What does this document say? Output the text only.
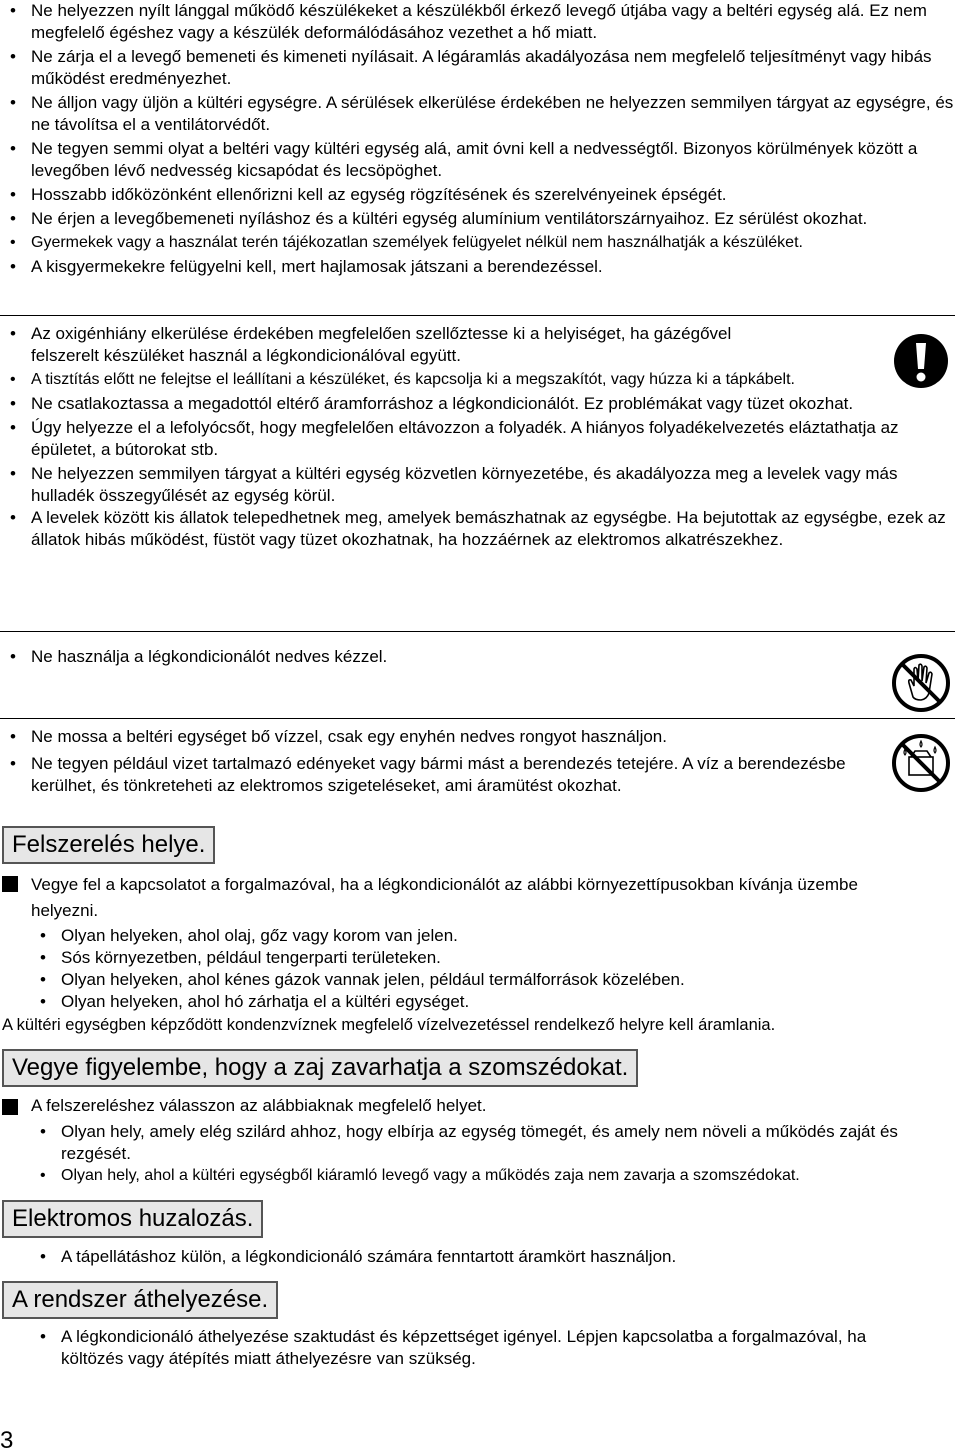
• Ne helyezzen nyílt lánggal működő készülékeket a készülékből érkező levegő útjába vagy a beltéri egység alá. Ez nem megfelelő égéshez vagy a készülék deformálódásához vezethet a hő miatt.
• Ne zárja el a levegő bemeneti és kimeneti nyílásait. A légáramlás akadályozása nem megfelelő teljesítményt vagy hibás működést eredményezhet.
• Ne álljon vagy üljön a kültéri egységre. A sérülések elkerülése érdekében ne helyezzen semmilyen tárgyat az egységre, és ne távolítsa el a ventilátorvédőt.
• Ne tegyen semmi olyat a beltéri vagy kültéri egység alá, amit óvni kell a nedvességtől. Bizonyos körülmények között a levegőben lévő nedvesség kicsapódat és lecsöpöghet.
• Hosszabb időközönként ellenőrizni kell az egység rögzítésének és szerelvényeinek épségét.
• Ne érjen a levegőbemeneti nyíláshoz és a kültéri egység alumínium ventilátorszárnyaihoz. Ez sérülést okozhat.
• Gyermekek vagy a használat terén tájékozatlan személyek felügyelet nélkül nem használhatják a készüléket.
• A kisgyermekekre felügyelni kell, mert hajlamosak játszani a berendezéssel.
• Az oxigénhiány elkerülése érdekében megfelelően szellőztesse ki a helyiséget, ha gázégővel felszerelt készüléket használ a légkondicionálóval együtt.
• A tisztítás előtt ne felejtse el leállítani a készüléket, és kapcsolja ki a megszakítót, vagy húzza ki a tápkábelt.
• Ne csatlakoztassa a megadottól eltérő áramforráshoz a légkondicionálót. Ez problémákat vagy tüzet okozhat.
• Úgy helyezze el a lefolyócsőt, hogy megfelelően eltávozzon a folyadék. A hiányos folyadékelvezetés eláztathatja az épületet, a bútorokat stb.
• Ne helyezzen semmilyen tárgyat a kültéri egység közvetlen környezetébe, és akadályozza meg a levelek vagy más hulladék összegyűlését az egység körül.
• A levelek között kis állatok telepedhetnek meg, amelyek bemászhatnak az egységbe. Ha bejutottak az egységbe, ezek az állatok hibás működést, füstöt vagy tüzet okozhatnak, ha hozzáérnek az elektromos alkatrészekhez.
• Ne használja a légkondicionálót nedves kézzel.
• Ne mossa a beltéri egységet bő vízzel, csak egy enyhén nedves rongyot használjon.
• Ne tegyen például vizet tartalmazó edényeket vagy bármi mást a berendezés tetejére. A víz a berendezésbe kerülhet, és tönkreteheti az elektromos szigeteléseket, ami áramütést okozhat.
Felszerelés helye.
Vegye fel a kapcsolatot a forgalmazóval, ha a légkondicionálót az alábbi környezettípusokban kívánja üzembe helyezni.
• Olyan helyeken, ahol olaj, gőz vagy korom van jelen.
• Sós környezetben, például tengerparti területeken.
• Olyan helyeken, ahol kénes gázok vannak jelen, például termálforrások közelében.
• Olyan helyeken, ahol hó zárhatja el a kültéri egységet.
A kültéri egységben képződött kondenzvíznek megfelelő vízelvezetéssel rendelkező helyre kell áramlania.
Vegye figyelembe, hogy a zaj zavarhatja a szomszédokat.
A felszereléshez válasszon az alábbiaknak megfelelő helyet.
• Olyan hely, amely elég szilárd ahhoz, hogy elbírja az egység tömegét, és amely nem növeli a működés zaját és rezgését.
• Olyan hely, ahol a kültéri egységből kiáramló levegő vagy a működés zaja nem zavarja a szomszédokat.
Elektromos huzalozás.
• A tápellátáshoz külön, a légkondicionáló számára fenntartott áramkört használjon.
A rendszer áthelyezése.
• A légkondicionáló áthelyezése szaktudást és képzettséget igényel. Lépjen kapcsolatba a forgalmazóval, ha költözés vagy átépítés miatt áthelyezésre van szükség.
3
